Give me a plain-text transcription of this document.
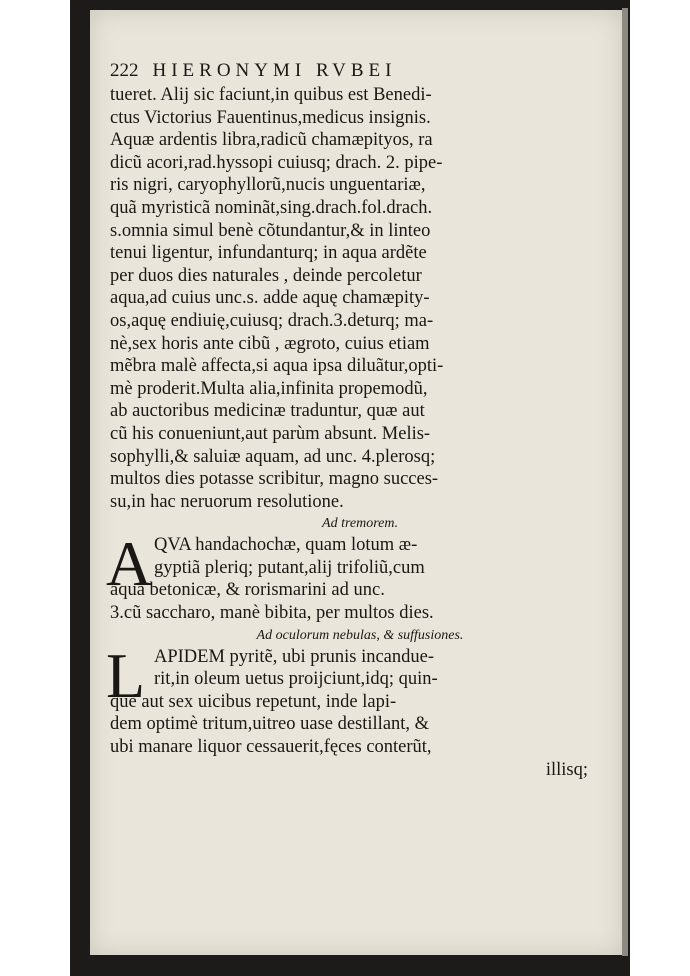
222 HIERONYMI RVBEI
tueret. Alij sic faciunt,in quibus est Benedi-
ctus Victorius Fauentinus,medicus insignis.
Aquæ ardentis libra,radicũ chamæpityos, ra
dicũ acori,rad.hyssopi cuiusq; drach. 2. pipe-
ris nigri, caryophyllorũ,nucis unguentariæ,
quã myristicã nominãt,sing.drach.fol.drach.
s.omnia simul benè cõtundantur,& in linteo
tenui ligentur, infundanturq; in aqua ardẽte
per duos dies naturales , deinde percoletur
aqua,ad cuius unc.s. adde aquę chamæpity-
os,aquę endiuię,cuiusq; drach.3.deturq; ma-
nè,sex horis ante cibũ , ægroto, cuius etiam
mẽbra malè affecta,si aqua ipsa diluãtur,opti-
mè proderit.Multa alia,infinita propemodũ,
ab auctoribus medicinæ traduntur, quæ aut
cũ his conueniunt,aut parùm absunt. Melis-
sophylli,& saluiæ aquam, ad unc. 4.plerosq;
multos dies potasse scribitur, magno succes-
su,in hac neruorum resolutione.
Ad tremorem.
A QVA handachochæ, quam lotum æ-
gyptiã pleriq; putant,alij trifoliũ,cum
aqua betonicæ, & rorismarini ad unc.
3.cũ saccharo, manè bibita, per multos dies.
Ad oculorum nebulas, & suffusiones.
L APIDEM pyritẽ, ubi prunis incandue-
rit,in oleum uetus proijciunt,idq; quin-
que aut sex uicibus repetunt, inde lapi-
dem optimè tritum,uitreo uase destillant, &
ubi manare liquor cessauerit,fęces conterũt,
illisq;
